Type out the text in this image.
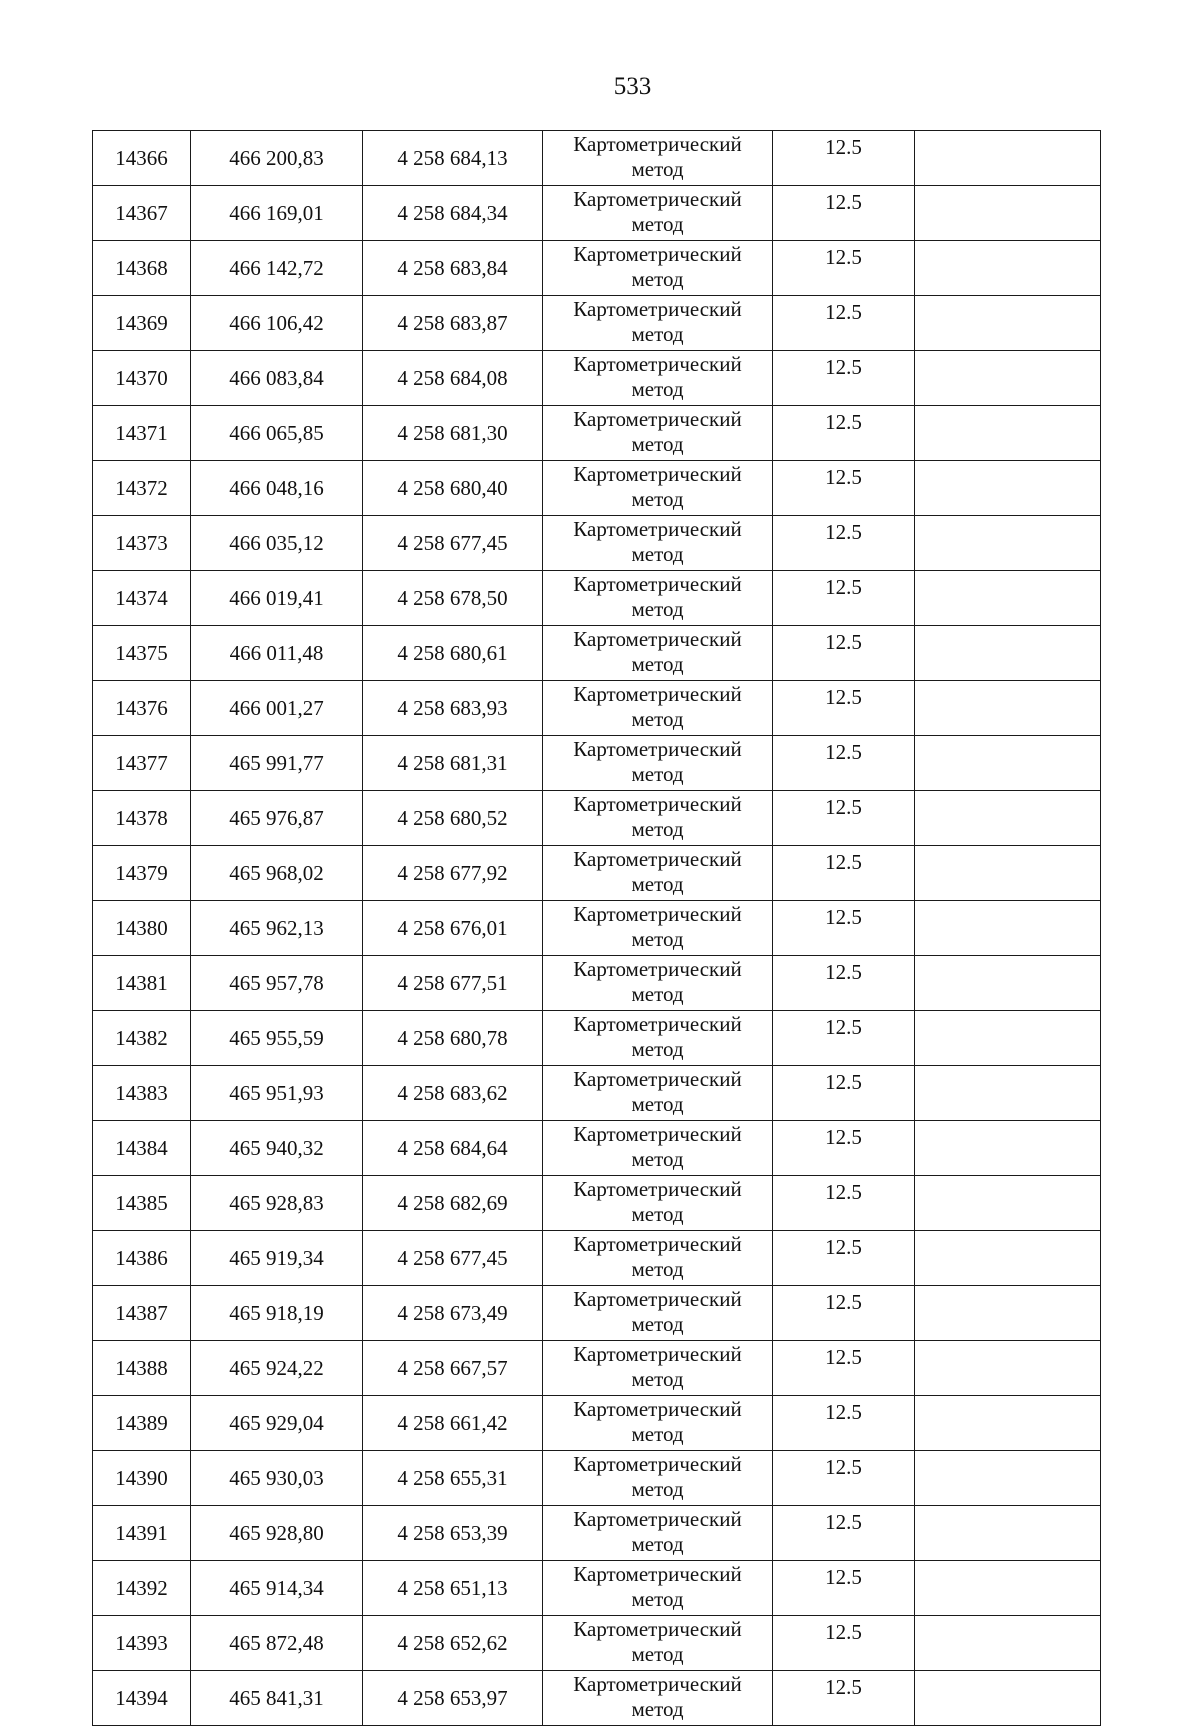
533
14366	466 200,83	4 258 684,13	Картометрический метод	12.5	
14367	466 169,01	4 258 684,34	Картометрический метод	12.5	
14368	466 142,72	4 258 683,84	Картометрический метод	12.5	
14369	466 106,42	4 258 683,87	Картометрический метод	12.5	
14370	466 083,84	4 258 684,08	Картометрический метод	12.5	
14371	466 065,85	4 258 681,30	Картометрический метод	12.5	
14372	466 048,16	4 258 680,40	Картометрический метод	12.5	
14373	466 035,12	4 258 677,45	Картометрический метод	12.5	
14374	466 019,41	4 258 678,50	Картометрический метод	12.5	
14375	466 011,48	4 258 680,61	Картометрический метод	12.5	
14376	466 001,27	4 258 683,93	Картометрический метод	12.5	
14377	465 991,77	4 258 681,31	Картометрический метод	12.5	
14378	465 976,87	4 258 680,52	Картометрический метод	12.5	
14379	465 968,02	4 258 677,92	Картометрический метод	12.5	
14380	465 962,13	4 258 676,01	Картометрический метод	12.5	
14381	465 957,78	4 258 677,51	Картометрический метод	12.5	
14382	465 955,59	4 258 680,78	Картометрический метод	12.5	
14383	465 951,93	4 258 683,62	Картометрический метод	12.5	
14384	465 940,32	4 258 684,64	Картометрический метод	12.5	
14385	465 928,83	4 258 682,69	Картометрический метод	12.5	
14386	465 919,34	4 258 677,45	Картометрический метод	12.5	
14387	465 918,19	4 258 673,49	Картометрический метод	12.5	
14388	465 924,22	4 258 667,57	Картометрический метод	12.5	
14389	465 929,04	4 258 661,42	Картометрический метод	12.5	
14390	465 930,03	4 258 655,31	Картометрический метод	12.5	
14391	465 928,80	4 258 653,39	Картометрический метод	12.5	
14392	465 914,34	4 258 651,13	Картометрический метод	12.5	
14393	465 872,48	4 258 652,62	Картометрический метод	12.5	
14394	465 841,31	4 258 653,97	Картометрический метод	12.5	
